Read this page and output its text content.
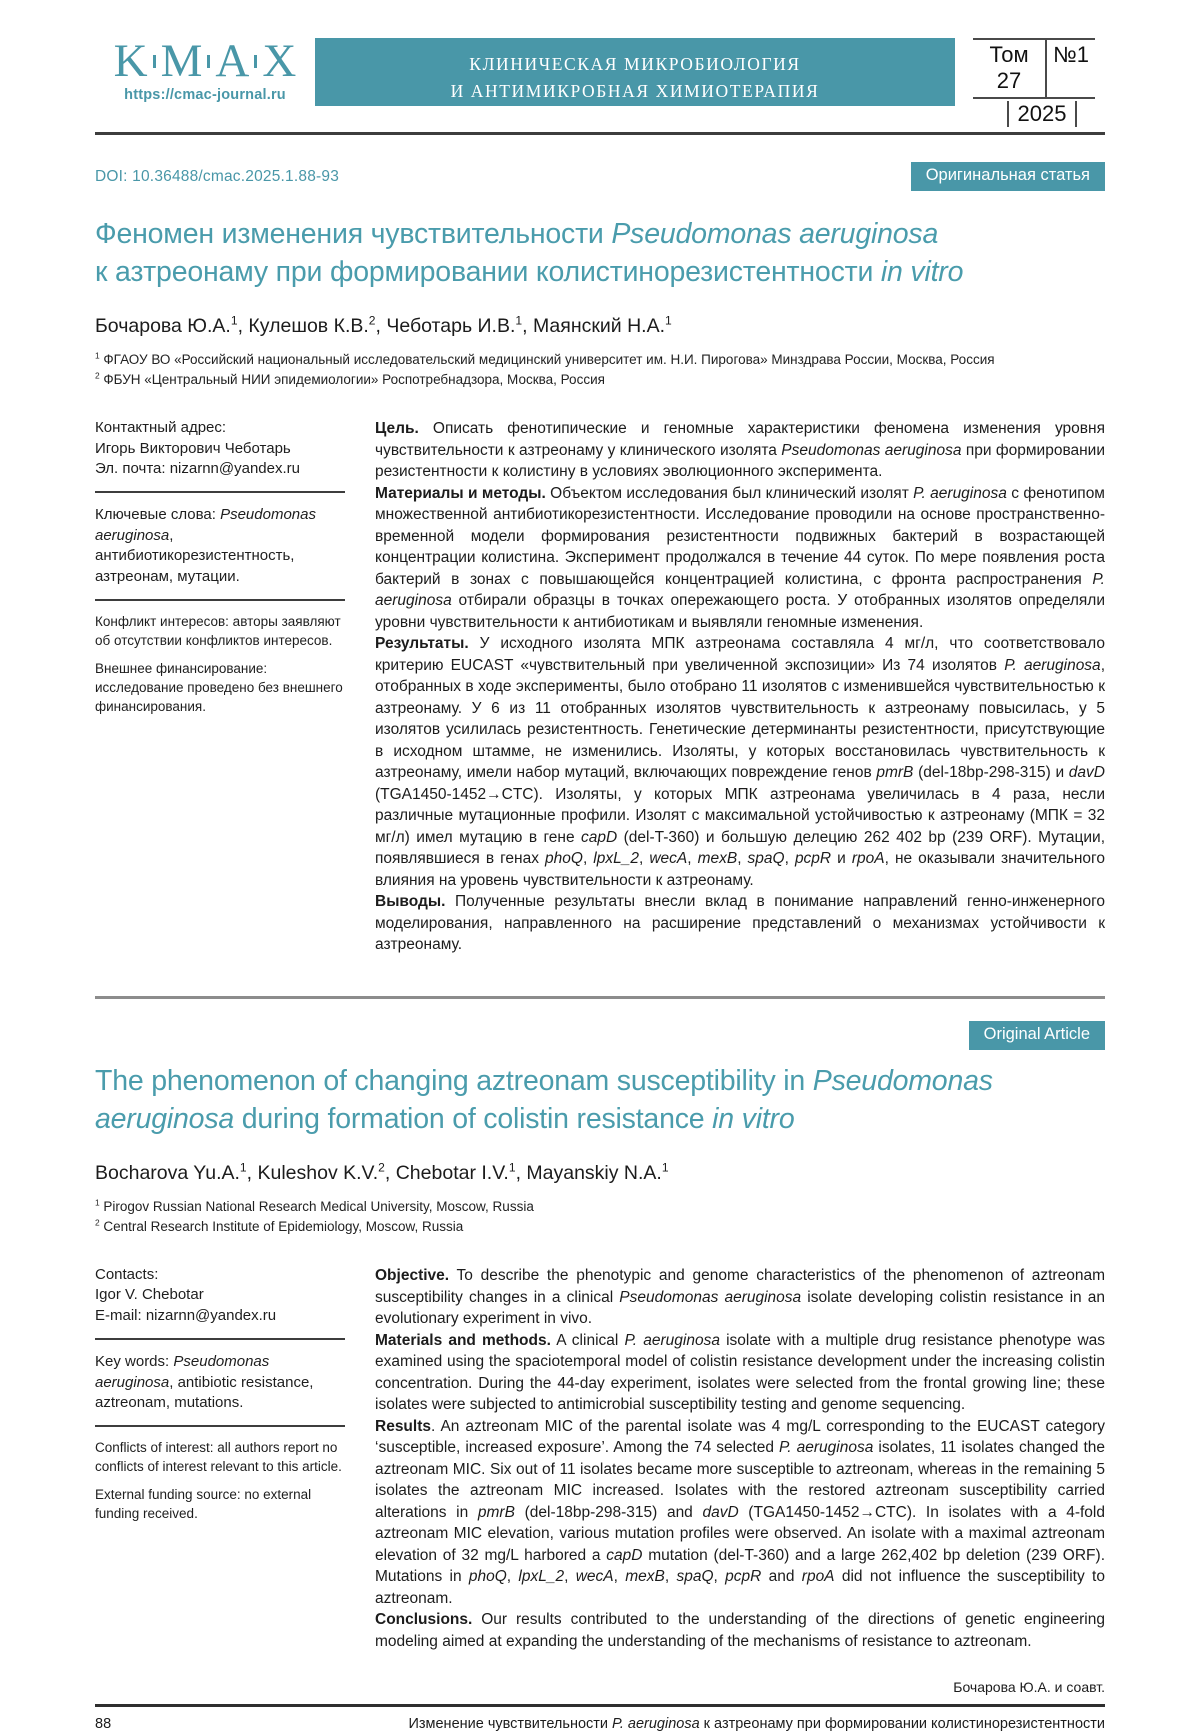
K M A X
https://cmac-journal.ru
КЛИНИЧЕСКАЯ МИКРОБИОЛОГИЯ
И АНТИМИКРОБНАЯ ХИМИОТЕРАПИЯ
Том 27
№1
2025
DOI: 10.36488/cmac.2025.1.88-93	Оригинальная статья
Феномен изменения чувствительности Pseudomonas aeruginosa
к азтреонаму при формировании колистинорезистентности in vitro
Бочарова Ю.А.$^1$, Кулешов К.В.$^2$, Чеботарь И.В.$^1$, Маянский Н.А.$^1$
$^1$ ФГАОУ ВО «Российский национальный исследовательский медицинский университет им. Н.И. Пирогова» Минздрава России, Москва, Россия
$^2$ ФБУН «Центральный НИИ эпидемиологии» Роспотребнадзора, Москва, Россия
Контактный адрес:
Игорь Викторович Чеботарь
Эл. почта: nizarnn@yandex.ru
Ключевые слова: Pseudomonas aeruginosa, антибиотикорезистентность, азтреонам, мутации.
Конфликт интересов: авторы заявляют об отсутствии конфликтов интересов.
Внешнее финансирование: исследование проведено без внешнего финансирования.
Цель. Описать фенотипические и геномные характеристики феномена изменения уровня чувствительности к азтреонаму у клинического изолята Pseudomonas aeruginosa при формировании резистентности к колистину в условиях эволюционного эксперимента.
Материалы и методы. Объектом исследования был клинический изолят P. aeruginosa с фенотипом множественной антибиотикорезистентности. Исследование проводили на основе пространственно-временной модели формирования резистентности подвижных бактерий в возрастающей концентрации колистина. Эксперимент продолжался в течение 44 суток. По мере появления роста бактерий в зонах с повышающейся концентрацией колистина, с фронта распространения P. aeruginosa отбирали образцы в точках опережающего роста. У отобранных изолятов определяли уровни чувствительности к антибиотикам и выявляли геномные изменения.
Результаты. У исходного изолята МПК азтреонама составляла 4 мг/л, что соответствовало критерию EUCAST «чувствительный при увеличенной экспозиции» Из 74 изолятов P. aeruginosa, отобранных в ходе эксперименты, было отобрано 11 изолятов с изменившейся чувствительностью к азтреонаму. У 6 из 11 отобранных изолятов чувствительность к азтреонаму повысилась, у 5 изолятов усилилась резистентность. Генетические детерминанты резистентности, присутствующие в исходном штамме, не изменились. Изоляты, у которых восстановилась чувствительность к азтреонаму, имели набор мутаций, включающих повреждение генов pmrB (del-18bp-298-315) и davD (TGA1450-1452→CTC). Изоляты, у которых МПК азтреонама увеличилась в 4 раза, несли различные мутационные профили. Изолят с максимальной устойчивостью к азтреонаму (МПК = 32 мг/л) имел мутацию в гене capD (del-T-360) и большую делецию 262 402 bp (239 ORF). Мутации, появлявшиеся в генах phoQ, lpxL_2, wecA, mexB, spaQ, pcpR и rpoA, не оказывали значительного влияния на уровень чувствительности к азтреонаму.
Выводы. Полученные результаты внесли вклад в понимание направлений генно-инженерного моделирования, направленного на расширение представлений о механизмах устойчивости к азтреонаму.
Original Article
The phenomenon of changing aztreonam susceptibility in Pseudomonas
aeruginosa during formation of colistin resistance in vitro
Bocharova Yu.A.$^1$, Kuleshov K.V.$^2$, Chebotar I.V.$^1$, Mayanskiy N.A.$^1$
$^1$ Pirogov Russian National Research Medical University, Moscow, Russia
$^2$ Central Research Institute of Epidemiology, Moscow, Russia
Contacts:
Igor V. Chebotar
E-mail: nizarnn@yandex.ru
Key words: Pseudomonas aeruginosa, antibiotic resistance, aztreonam, mutations.
Conflicts of interest: all authors report no conflicts of interest relevant to this article.
External funding source: no external funding received.
Objective. To describe the phenotypic and genome characteristics of the phenomenon of aztreonam susceptibility changes in a clinical Pseudomonas aeruginosa isolate developing colistin resistance in an evolutionary experiment in vivo.
Materials and methods. A clinical P. aeruginosa isolate with a multiple drug resistance phenotype was examined using the spaciotemporal model of colistin resistance development under the increasing colistin concentration. During the 44-day experiment, isolates were selected from the frontal growing line; these isolates were subjected to antimicrobial susceptibility testing and genome sequencing.
Results. An aztreonam MIC of the parental isolate was 4 mg/L corresponding to the EUCAST category ‘susceptible, increased exposure’. Among the 74 selected P. aeruginosa isolates, 11 isolates changed the aztreonam MIC. Six out of 11 isolates became more susceptible to aztreonam, whereas in the remaining 5 isolates the aztreonam MIC increased. Isolates with the restored aztreonam susceptibility carried alterations in pmrB (del-18bp-298-315) and davD (TGA1450-1452→CTC). In isolates with a 4-fold aztreonam MIC elevation, various mutation profiles were observed. An isolate with a maximal aztreonam elevation of 32 mg/L harbored a capD mutation (del-T-360) and a large 262,402 bp deletion (239 ORF). Mutations in phoQ, lpxL_2, wecA, mexB, spaQ, pcpR and rpoA did not influence the susceptibility to aztreonam.
Conclusions. Our results contributed to the understanding of the directions of genetic engineering modeling aimed at expanding the understanding of the mechanisms of resistance to aztreonam.
Бочарова Ю.А. и соавт.
88	Изменение чувствительности P. aeruginosa к азтреонаму при формировании колистинорезистентности
